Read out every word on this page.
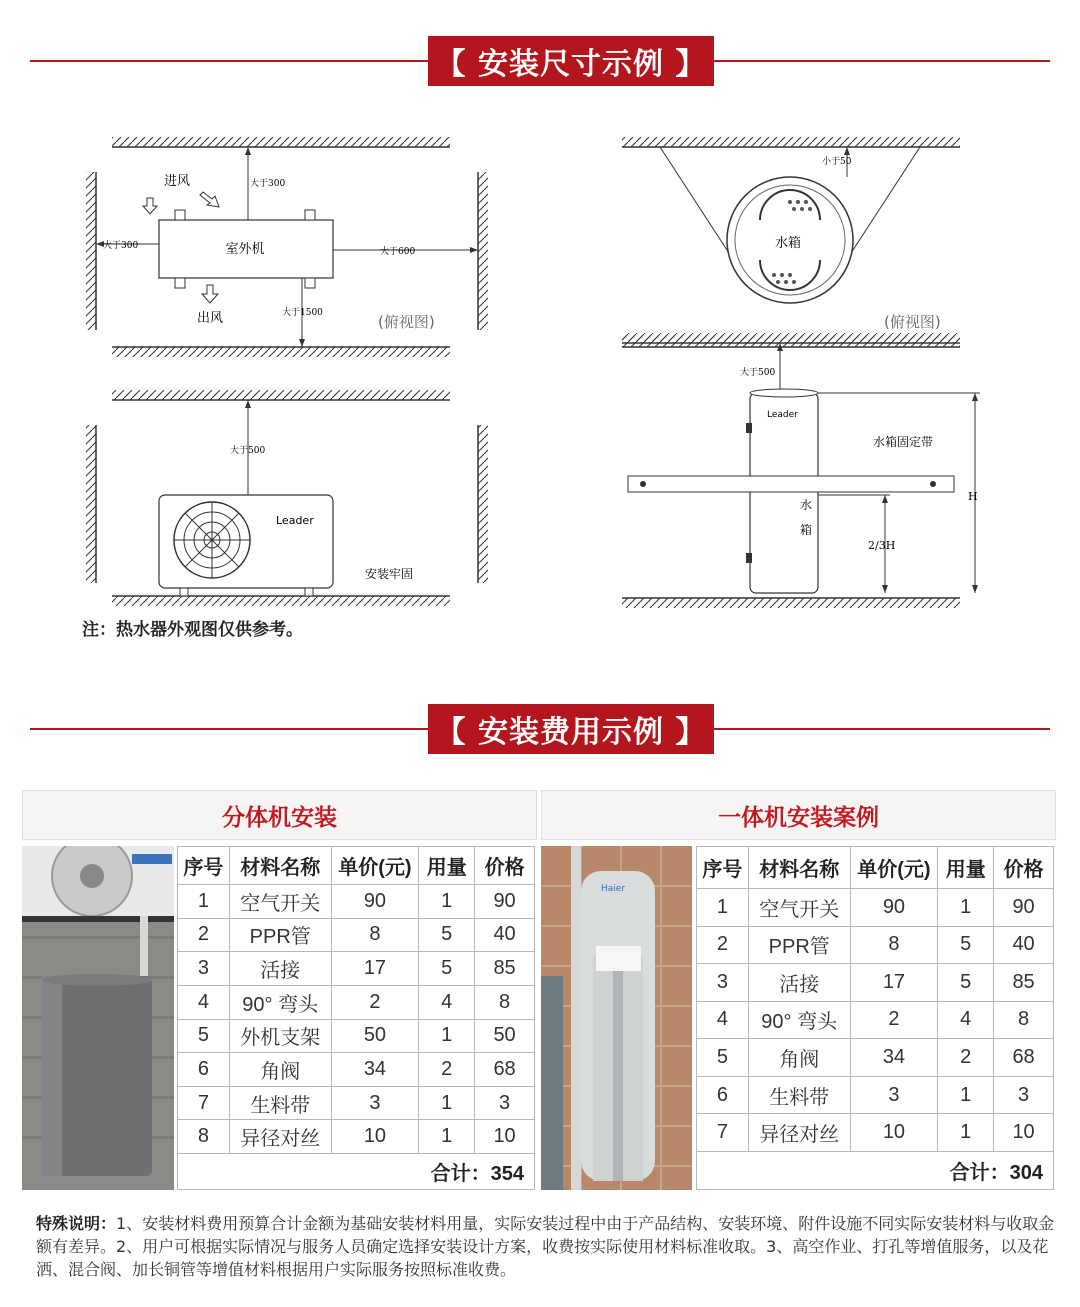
【 安装尺寸示例 】
室外机
大于300
大于300
大于600
大于1500
进风
出风	(俯视图)
大于500
Leader
安装牢固
水箱
小于50
(俯视图)
大于500
Leader
水箱固定带
水
箱
2/3H
H
注：热水器外观图仅供参考。
【 安装费用示例 】
分体机安装	一体机安装案例
序号	材料名称	单价(元)	用量	价格
1	空气开关	90	1	90
2	PPR管	8	5	40
3	活接	17	5	85
4	90° 弯头	2	4	8
5	外机支架	50	1	50
6	角阀	34	2	68
7	生料带	3	1	3
8	异径对丝	10	1	10
合计：354				
Haier
序号	材料名称	单价(元)	用量	价格
1	空气开关	90	1	90
2	PPR管	8	5	40
3	活接	17	5	85
4	90° 弯头	2	4	8
5	角阀	34	2	68
6	生料带	3	1	3
7	异径对丝	10	1	10
合计：304				
特殊说明：1、安装材料费用预算合计金额为基础安装材料用量，实际安装过程中由于产品结构、安装环境、附件设施不同实际安装材料与收取金额有差异。2、用户可根据实际情况与服务人员确定选择安装设计方案，收费按实际使用材料标准收取。3、高空作业、打孔等增值服务，以及花洒、混合阀、加长铜管等增值材料根据用户实际服务按照标准收费。
